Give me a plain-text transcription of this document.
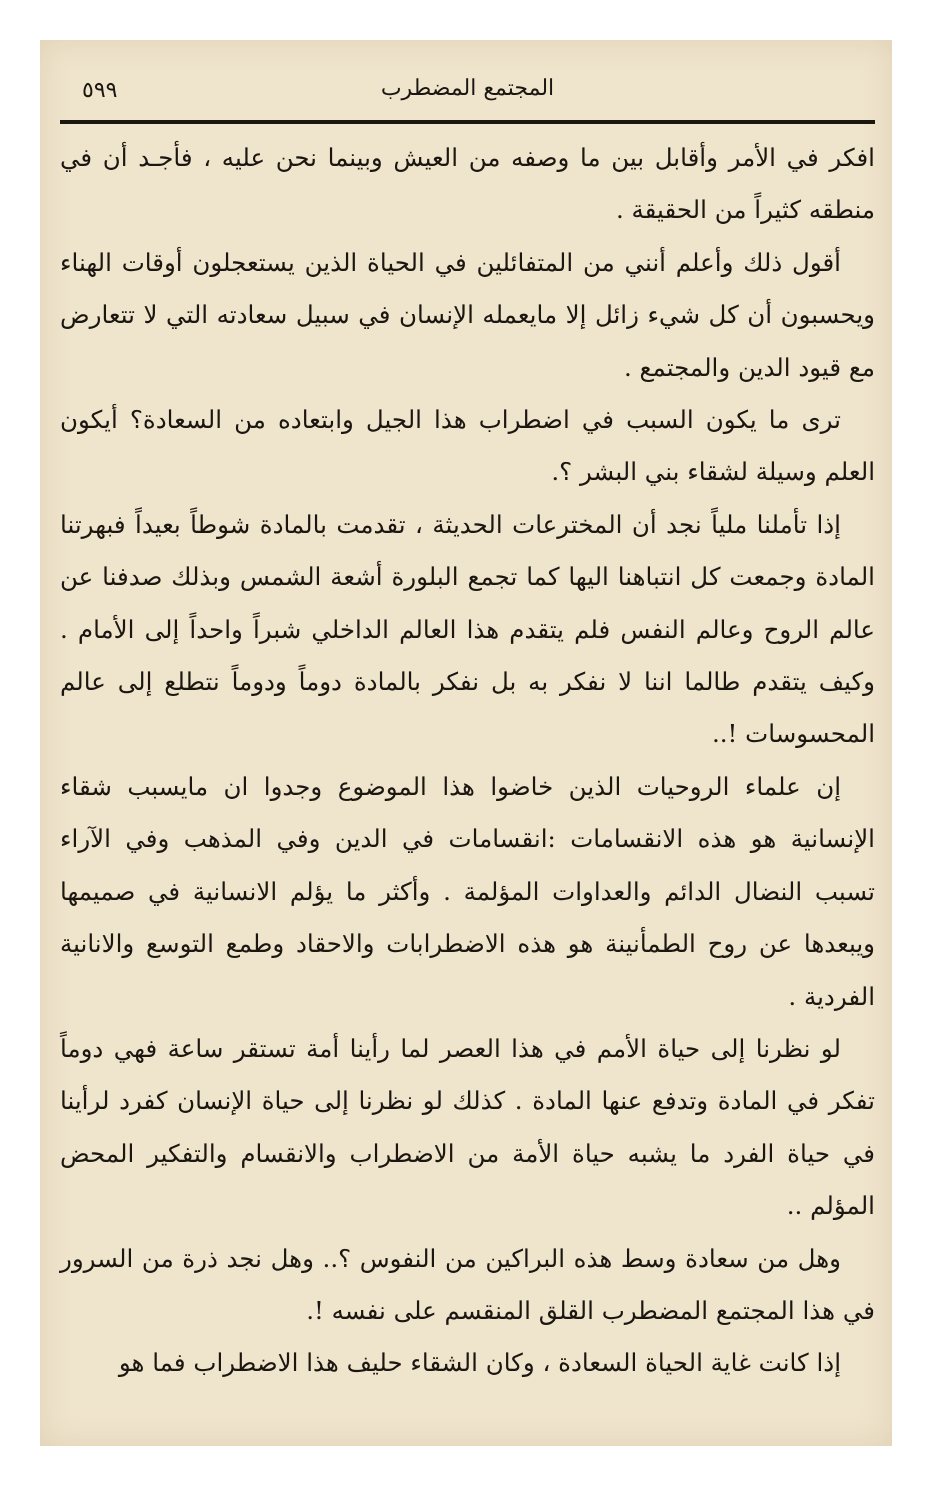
المجتمع المضطرب
٥٩٩

افكر في الأمر وأقابل بين ما وصفه من العيش وبينما نحن عليه ، فأجـد أن في منطقه كثيراً من الحقيقة .

أقول ذلك وأعلم أنني من المتفائلين في الحياة الذين يستعجلون أوقات الهناء ويحسبون أن كل شيء زائل إلا مايعمله الإنسان في سبيل سعادته التي لا تتعارض مع قيود الدين والمجتمع .

ترى ما يكون السبب في اضطراب هذا الجيل وابتعاده من السعادة؟ أيكون العلم وسيلة لشقاء بني البشر ؟.

إذا تأملنا ملياً نجد أن المخترعات الحديثة ، تقدمت بالمادة شوطاً بعيداً فبهرتنا المادة وجمعت كل انتباهنا اليها كما تجمع البلورة أشعة الشمس وبذلك صدفنا عن عالم الروح وعالم النفس فلم يتقدم هذا العالم الداخلي شبراً واحداً إلى الأمام . وكيف يتقدم طالما اننا لا نفكر به بل نفكر بالمادة دوماً ودوماً نتطلع إلى عالم المحسوسات !..

إن علماء الروحيات الذين خاضوا هذا الموضوع وجدوا ان مايسبب شقاء الإنسانية هو هذه الانقسامات :انقسامات في الدين وفي المذهب وفي الآراء تسبب النضال الدائم والعداوات المؤلمة . وأكثر ما يؤلم الانسانية في صميمها ويبعدها عن روح الطمأنينة هو هذه الاضطرابات والاحقاد وطمع التوسع والانانية الفردية .

لو نظرنا إلى حياة الأمم في هذا العصر لما رأينا أمة تستقر ساعة فهي دوماً تفكر في المادة وتدفع عنها المادة . كذلك لو نظرنا إلى حياة الإنسان كفرد لرأينا في حياة الفرد ما يشبه حياة الأمة من الاضطراب والانقسام والتفكير المحض المؤلم ..

وهل من سعادة وسط هذه البراكين من النفوس ؟.. وهل نجد ذرة من السرور في هذا المجتمع المضطرب القلق المنقسم على نفسه !.

إذا كانت غاية الحياة السعادة ، وكان الشقاء حليف هذا الاضطراب فما هو
